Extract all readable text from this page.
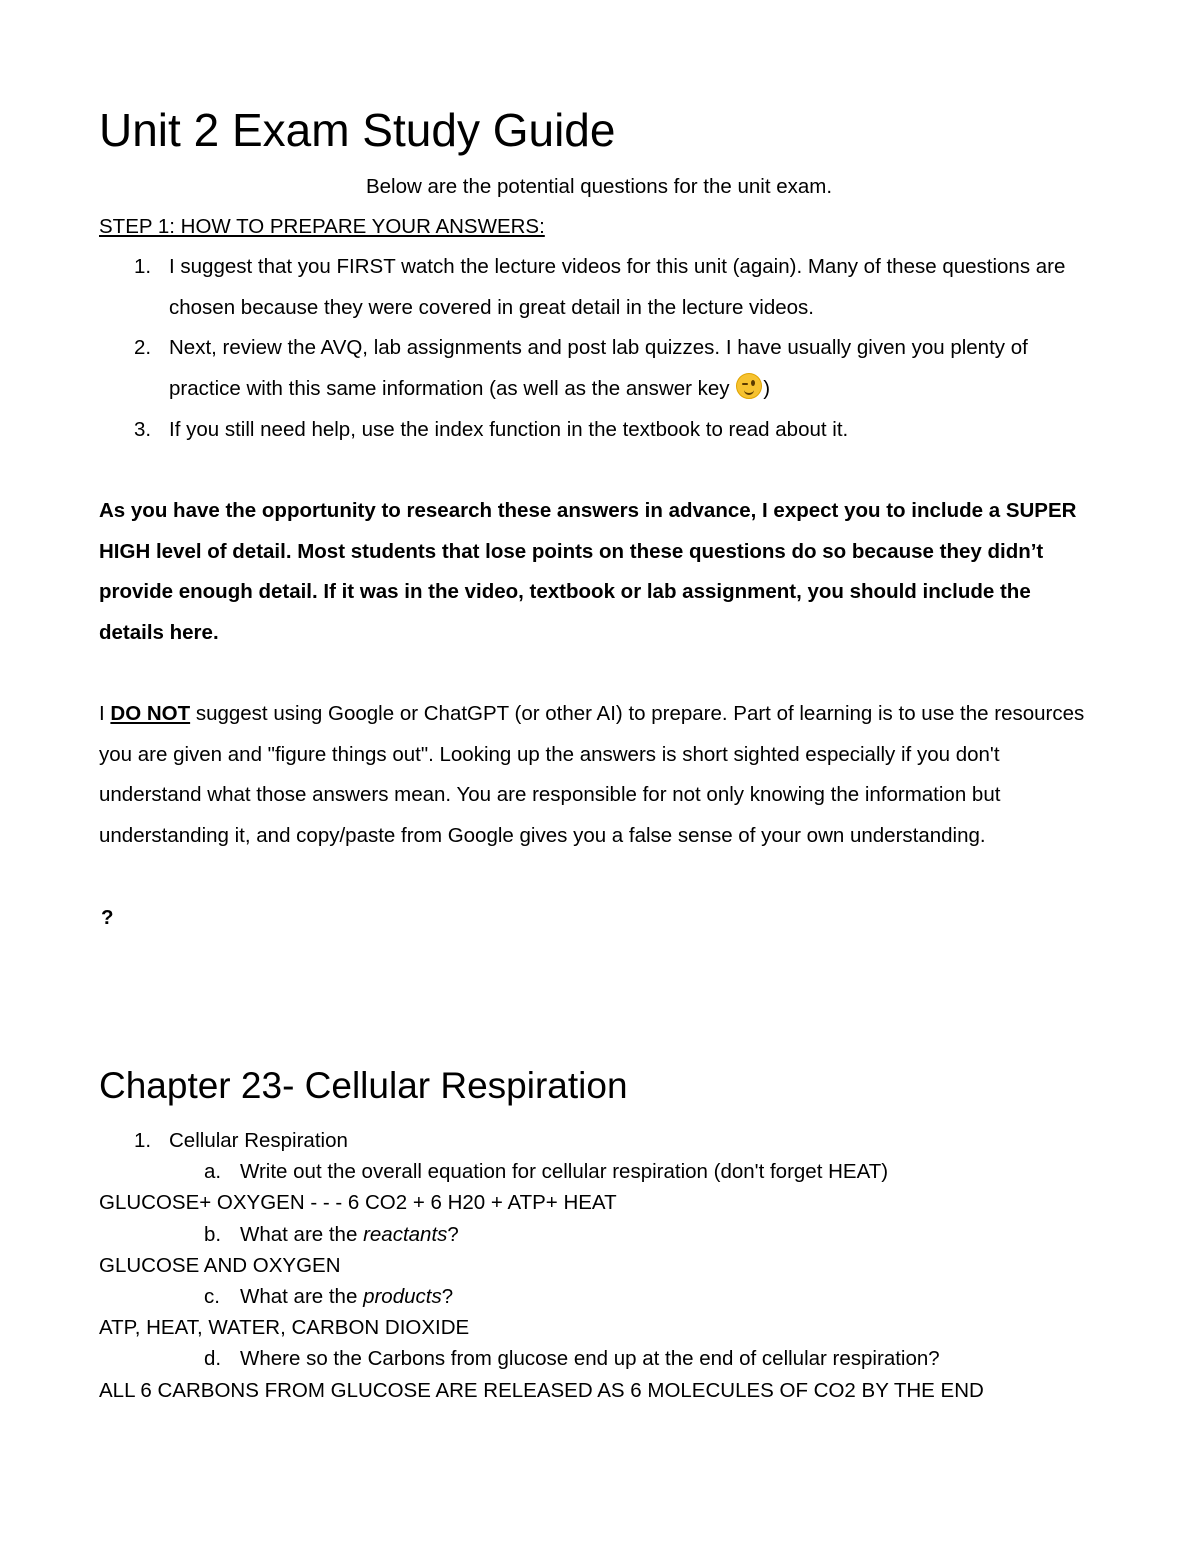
Unit 2 Exam Study Guide

Below are the potential questions for the unit exam.

STEP 1: HOW TO PREPARE YOUR ANSWERS:
1. I suggest that you FIRST watch the lecture videos for this unit (again). Many of these questions are chosen because they were covered in great detail in the lecture videos.
2. Next, review the AVQ, lab assignments and post lab quizzes. I have usually given you plenty of practice with this same information (as well as the answer key
)
3. If you still need help, use the index function in the textbook to read about it.

As you have the opportunity to research these answers in advance, I expect you to include a SUPER HIGH level of detail. Most students that lose points on these questions do so because they didn’t provide enough detail. If it was in the video, textbook or lab assignment, you should include the details here.

I DO NOT suggest using Google or ChatGPT (or other AI) to prepare. Part of learning is to use the resources you are given and "figure things out". Looking up the answers is short sighted especially if you don't understand what those answers mean. You are responsible for not only knowing the information but understanding it, and copy/paste from Google gives you a false sense of your own understanding.

?
Chapter 23- Cellular Respiration
1. Cellular Respiration
a. Write out the overall equation for cellular respiration (don't forget HEAT)
GLUCOSE+ OXYGEN - - - 6 CO2 + 6 H20 + ATP+ HEAT
b. What are the reactants?
GLUCOSE AND OXYGEN
c. What are the products?
ATP, HEAT, WATER, CARBON DIOXIDE
d. Where so the Carbons from glucose end up at the end of cellular respiration?
ALL 6 CARBONS FROM GLUCOSE ARE RELEASED AS 6 MOLECULES OF CO2 BY THE END
